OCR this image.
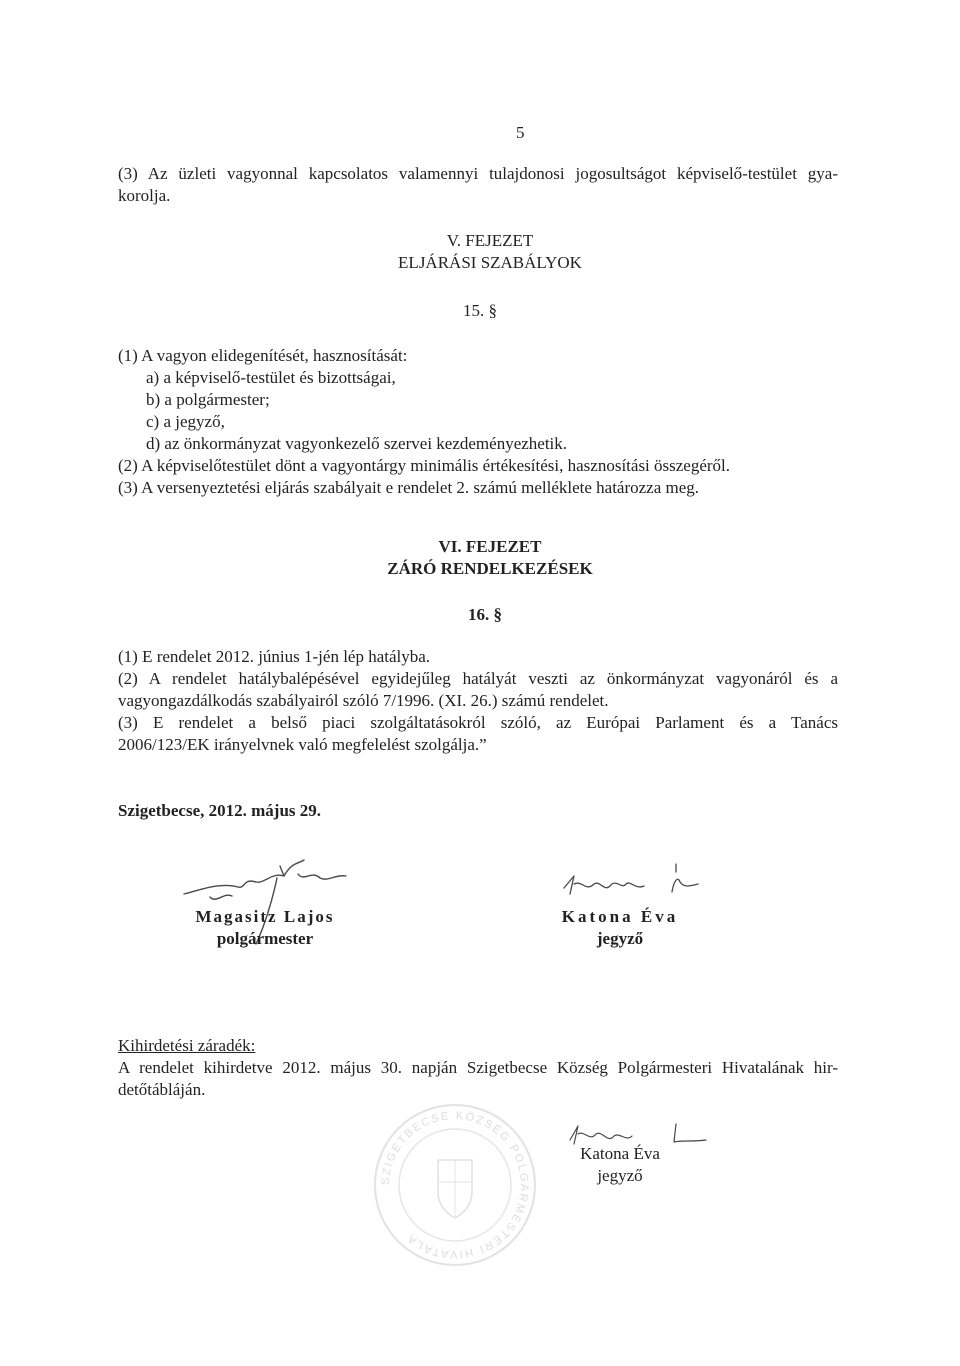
5
(3) Az üzleti vagyonnal kapcsolatos valamennyi tulajdonosi jogosultságot képviselő-testület gya-
korolja.
V. FEJEZET
ELJÁRÁSI SZABÁLYOK
15. §
(1) A vagyon elidegenítését, hasznosítását:
a) a képviselő-testület és bizottságai,
b) a polgármester;
c) a jegyző,
d) az önkormányzat vagyonkezelő szervei kezdeményezhetik.
(2) A képviselőtestület dönt a vagyontárgy minimális értékesítési, hasznosítási összegéről.
(3) A versenyeztetési eljárás szabályait e rendelet 2. számú melléklete határozza meg.
VI. FEJEZET
ZÁRÓ RENDELKEZÉSEK
16. §
(1) E rendelet 2012. június 1-jén lép hatályba.
(2) A rendelet hatálybalépésével egyidejűleg hatályát veszti az önkormányzat vagyonáról és a
vagyongazdálkodás szabályairól szóló 7/1996. (XI. 26.) számú rendelet.
(3) E rendelet a belső piaci szolgáltatásokról szóló, az Európai Parlament és a Tanács
2006/123/EK irányelvnek való megfelelést szolgálja.”
Szigetbecse, 2012. május 29.
Magasitz Lajos
polgármester
Katona Éva
jegyző
Kihirdetési záradék:
A rendelet kihirdetve 2012. május 30. napján Szigetbecse Község Polgármesteri Hivatalának hir-
detőtábláján.
SZIGETBECSE KÖZSÉG POLGÁRMESTERI HIVATALA
Katona Éva
jegyző
